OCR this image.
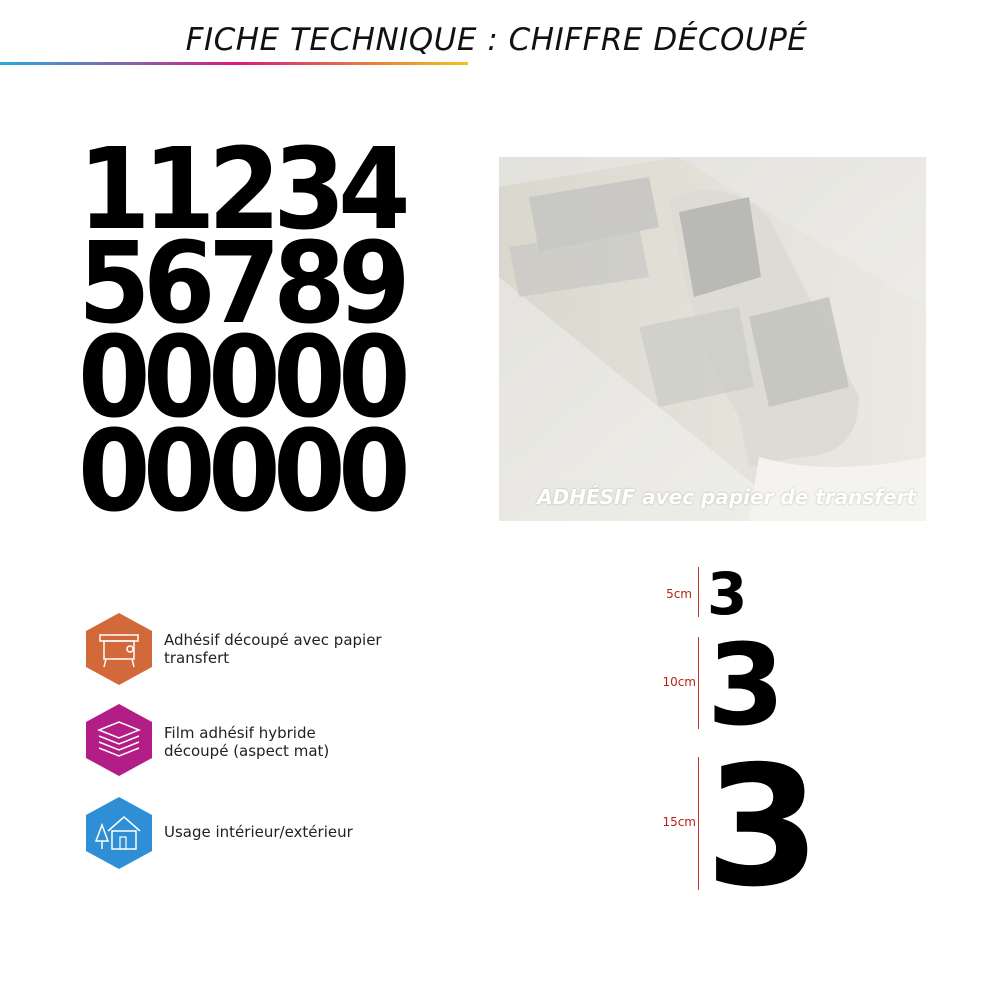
FICHE TECHNIQUE : CHIFFRE DÉCOUPÉ
11234
56789
00000
00000	ADHÉSIF avec papier de transfert
Adhésif découpé avec papier
transfert
Film adhésif hybride
découpé (aspect mat)
Usage intérieur/extérieur
5cm 3
10cm 3
15cm 3
